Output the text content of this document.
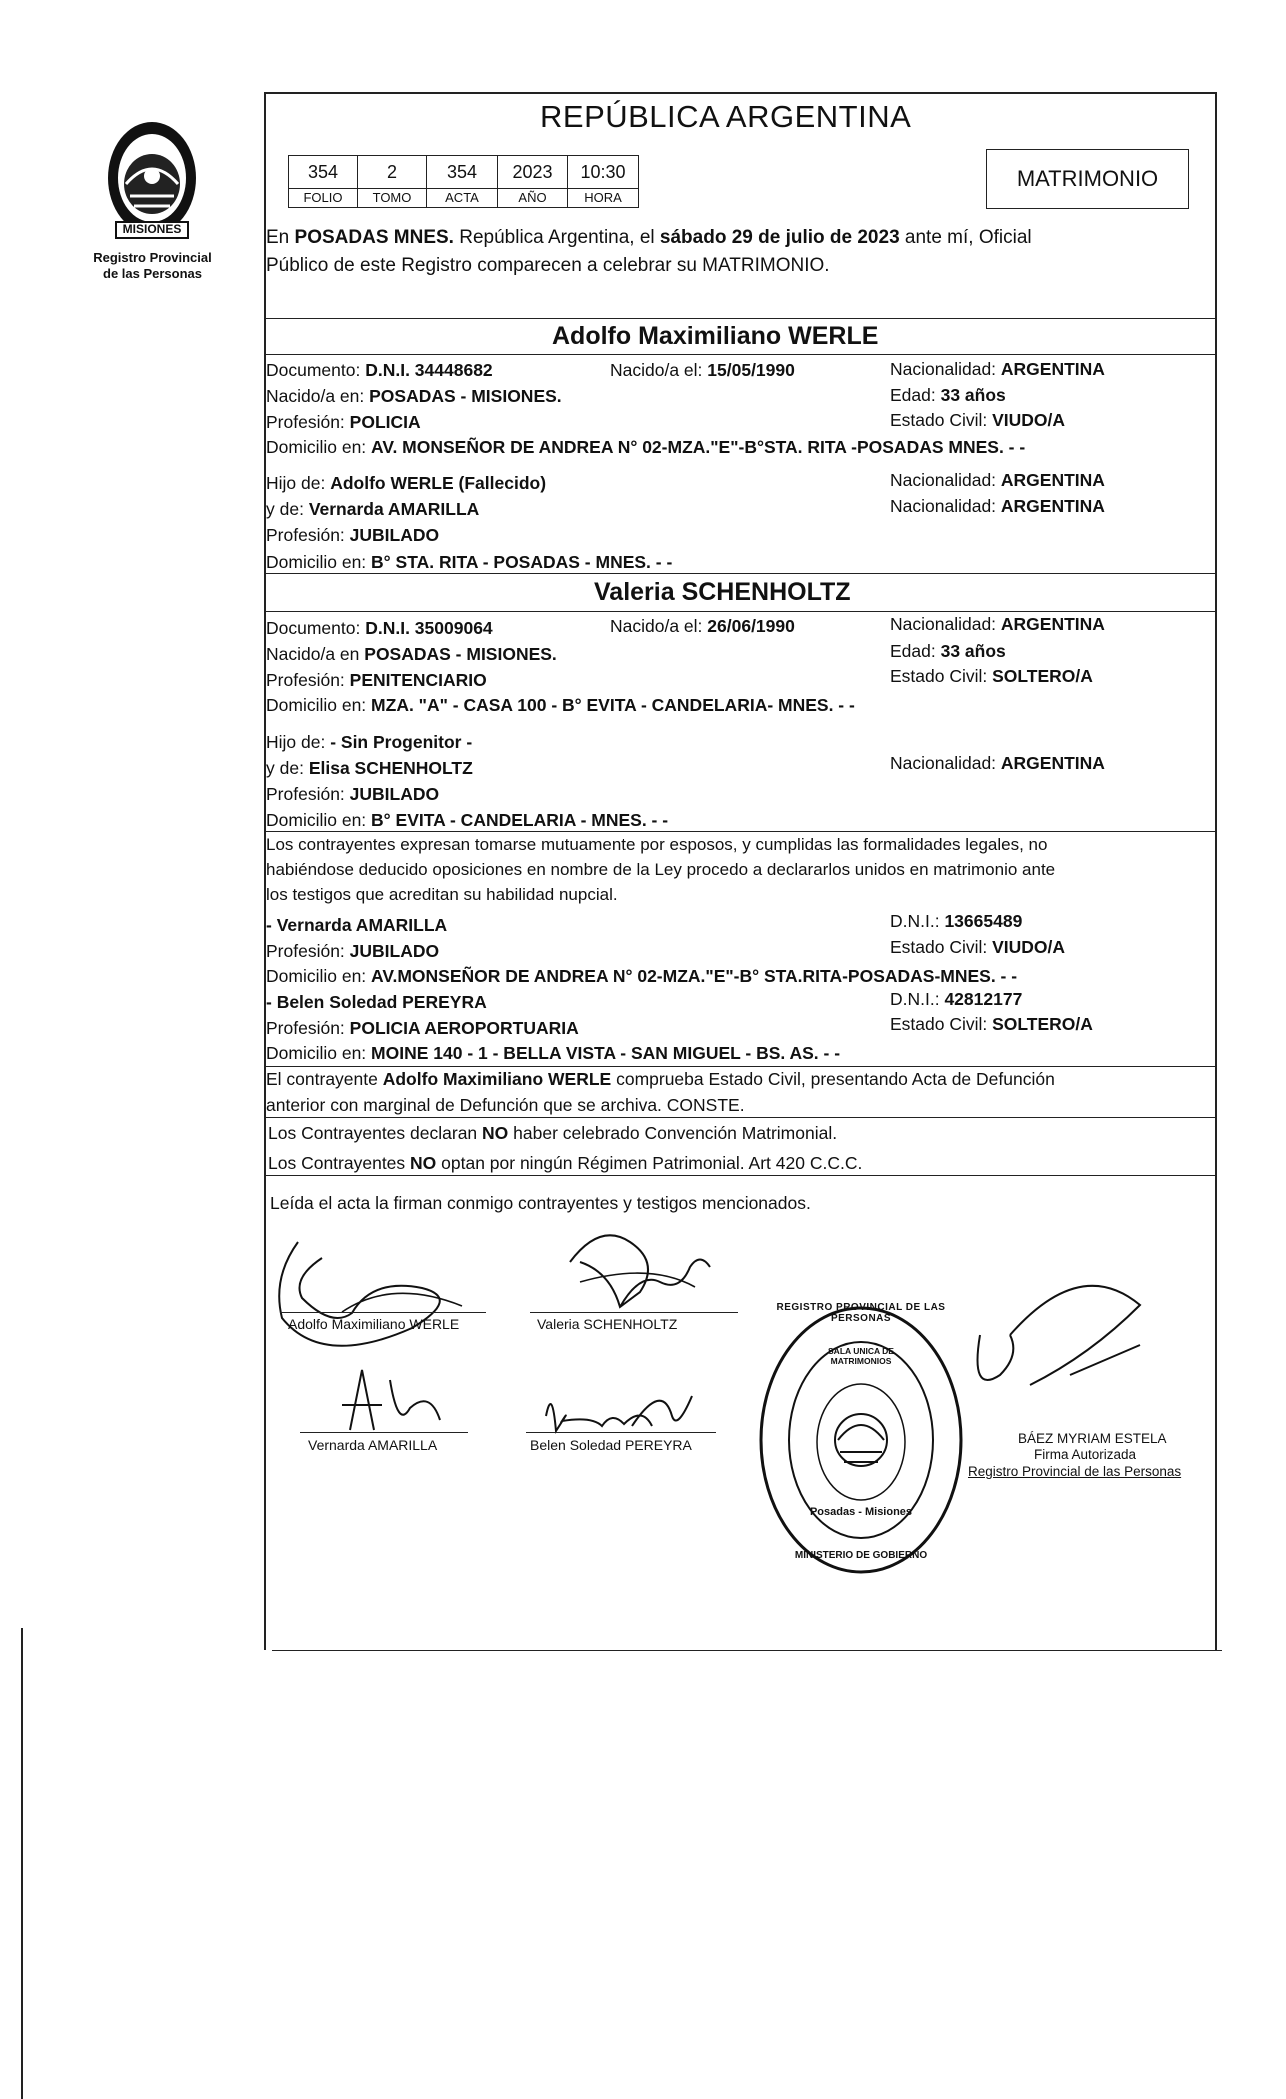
MISIONES
Registro Provincial
de las Personas
REPÚBLICA ARGENTINA
354	2	354	2023	10:30
FOLIO	TOMO	ACTA	AÑO	HORA
MATRIMONIO
En POSADAS MNES. República Argentina, el sábado 29 de julio de 2023 ante mí, Oficial
Público de este Registro comparecen a celebrar su MATRIMONIO.
Adolfo Maximiliano WERLE
Documento: D.N.I. 34448682	Nacido/a el: 15/05/1990	Nacionalidad: ARGENTINA
Nacido/a en: POSADAS - MISIONES.	Edad: 33 años
Profesión: POLICIA	Estado Civil: VIUDO/A
Domicilio en: AV. MONSEÑOR DE ANDREA N° 02-MZA."E"-B°STA. RITA -POSADAS MNES. - -
Hijo de: Adolfo WERLE (Fallecido)	Nacionalidad: ARGENTINA
y de: Vernarda AMARILLA	Nacionalidad: ARGENTINA
Profesión: JUBILADO
Domicilio en: B° STA. RITA - POSADAS - MNES. - -
Valeria SCHENHOLTZ
Documento: D.N.I. 35009064	Nacido/a el: 26/06/1990	Nacionalidad: ARGENTINA
Nacido/a en POSADAS - MISIONES.	Edad: 33 años
Profesión: PENITENCIARIO	Estado Civil: SOLTERO/A
Domicilio en: MZA. "A" - CASA 100 - B° EVITA - CANDELARIA- MNES. - -
Hijo de: - Sin Progenitor -
y de: Elisa SCHENHOLTZ	Nacionalidad: ARGENTINA
Profesión: JUBILADO
Domicilio en: B° EVITA - CANDELARIA - MNES. - -
Los contrayentes expresan tomarse mutuamente por esposos, y cumplidas las formalidades legales, no
habiéndose deducido oposiciones en nombre de la Ley procedo a declararlos unidos en matrimonio ante
los testigos que acreditan su habilidad nupcial.
- Vernarda AMARILLA	D.N.I.: 13665489
Profesión: JUBILADO	Estado Civil: VIUDO/A
Domicilio en: AV.MONSEÑOR DE ANDREA N° 02-MZA."E"-B° STA.RITA-POSADAS-MNES. - -
- Belen Soledad PEREYRA	D.N.I.: 42812177
Profesión: POLICIA AEROPORTUARIA	Estado Civil: SOLTERO/A
Domicilio en: MOINE 140 - 1 - BELLA VISTA - SAN MIGUEL - BS. AS. - -
El contrayente Adolfo Maximiliano WERLE comprueba Estado Civil, presentando Acta de Defunción
anterior con marginal de Defunción que se archiva. CONSTE.
Los Contrayentes declaran NO haber celebrado Convención Matrimonial.
Los Contrayentes NO optan por ningún Régimen Patrimonial. Art 420 C.C.C.
Leída el acta la firman conmigo contrayentes y testigos mencionados.
Adolfo Maximiliano WERLE	Valeria SCHENHOLTZ
Vernarda AMARILLA	Belen Soledad PEREYRA
REGISTRO PROVINCIAL DE LAS PERSONAS
SALA UNICA DE MATRIMONIOS
Posadas - Misiones
MINISTERIO DE GOBIERNO
BÁEZ MYRIAM ESTELA
Firma Autorizada
Registro Provincial de las Personas
